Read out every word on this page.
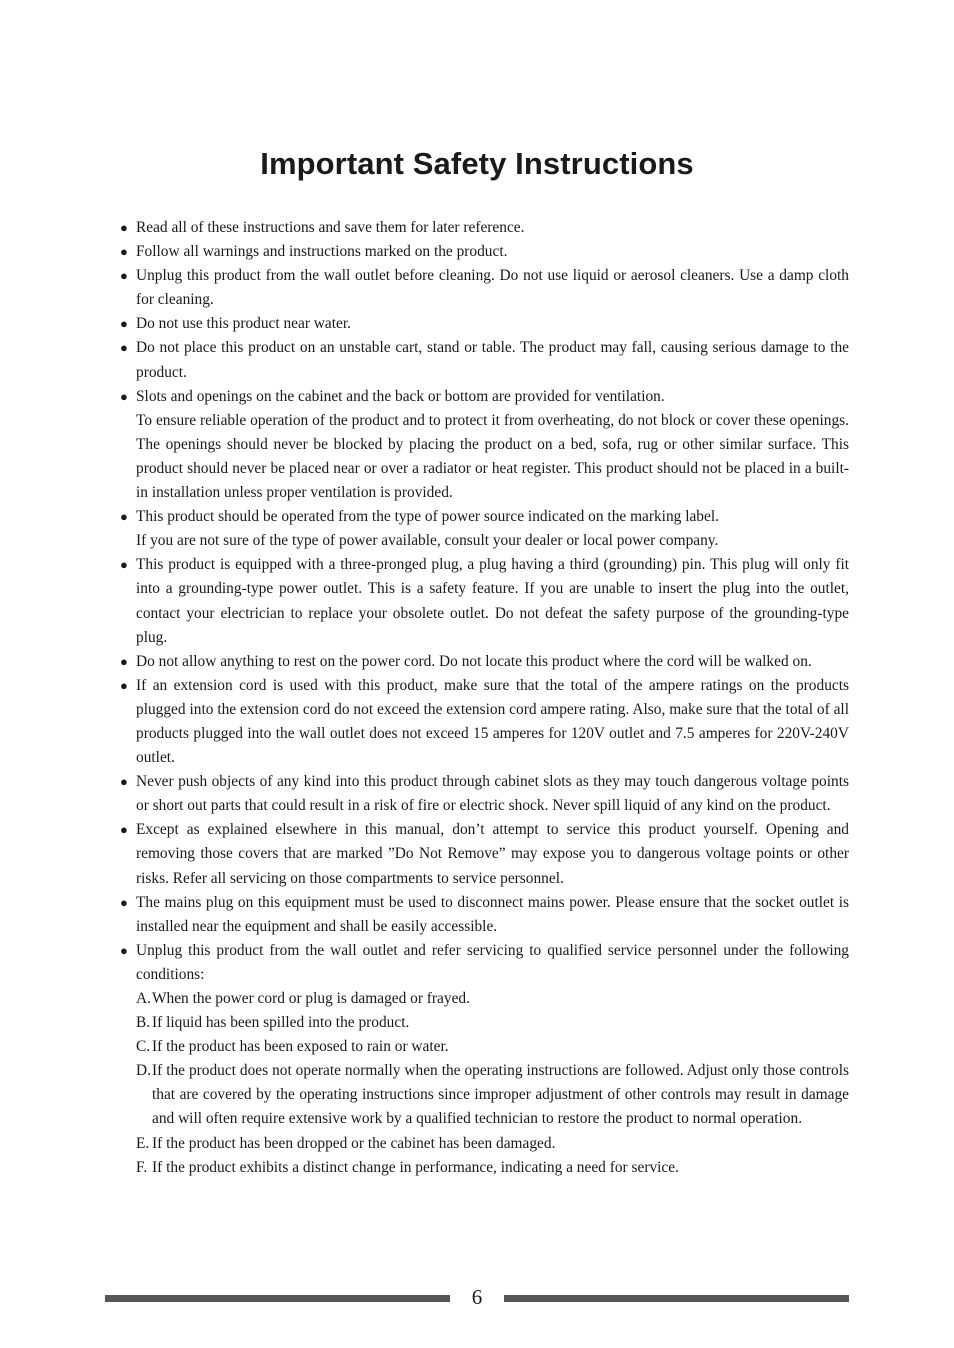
Important Safety Instructions
● Read all of these instructions and save them for later reference.
● Follow all warnings and instructions marked on the product.
● Unplug this product from the wall outlet before cleaning. Do not use liquid or aerosol cleaners. Use a damp cloth for cleaning.
● Do not use this product near water.
● Do not place this product on an unstable cart, stand or table. The product may fall, causing serious damage to the product.
● Slots and openings on the cabinet and the back or bottom are provided for ventilation.
To ensure reliable operation of the product and to protect it from overheating, do not block or cover these openings. The openings should never be blocked by placing the product on a bed, sofa, rug or other similar surface. This product should never be placed near or over a radiator or heat register. This product should not be placed in a built-in installation unless proper ventilation is provided.
● This product should be operated from the type of power source indicated on the marking label.
If you are not sure of the type of power available, consult your dealer or local power company.
● This product is equipped with a three-pronged plug, a plug having a third (grounding) pin. This plug will only fit into a grounding-type power outlet. This is a safety feature. If you are unable to insert the plug into the outlet, contact your electrician to replace your obsolete outlet. Do not defeat the safety purpose of the grounding-type plug.
● Do not allow anything to rest on the power cord. Do not locate this product where the cord will be walked on.
● If an extension cord is used with this product, make sure that the total of the ampere ratings on the products plugged into the extension cord do not exceed the extension cord ampere rating. Also, make sure that the total of all products plugged into the wall outlet does not exceed 15 amperes for 120V outlet and 7.5 amperes for 220V-240V outlet.
● Never push objects of any kind into this product through cabinet slots as they may touch dangerous voltage points or short out parts that could result in a risk of fire or electric shock. Never spill liquid of any kind on the product.
● Except as explained elsewhere in this manual, don’t attempt to service this product yourself. Opening and removing those covers that are marked ”Do Not Remove” may expose you to dangerous voltage points or other risks. Refer all servicing on those compartments to service personnel.
● The mains plug on this equipment must be used to disconnect mains power. Please ensure that the socket outlet is installed near the equipment and shall be easily accessible.
● Unplug this product from the wall outlet and refer servicing to qualified service personnel under the following conditions:
A. When the power cord or plug is damaged or frayed.
B. If liquid has been spilled into the product.
C. If the product has been exposed to rain or water.
D. If the product does not operate normally when the operating instructions are followed. Adjust only those controls that are covered by the operating instructions since improper adjustment of other controls may result in damage and will often require extensive work by a qualified technician to restore the product to normal operation.
E. If the product has been dropped or the cabinet has been damaged.
F. If the product exhibits a distinct change in performance, indicating a need for service.
6
